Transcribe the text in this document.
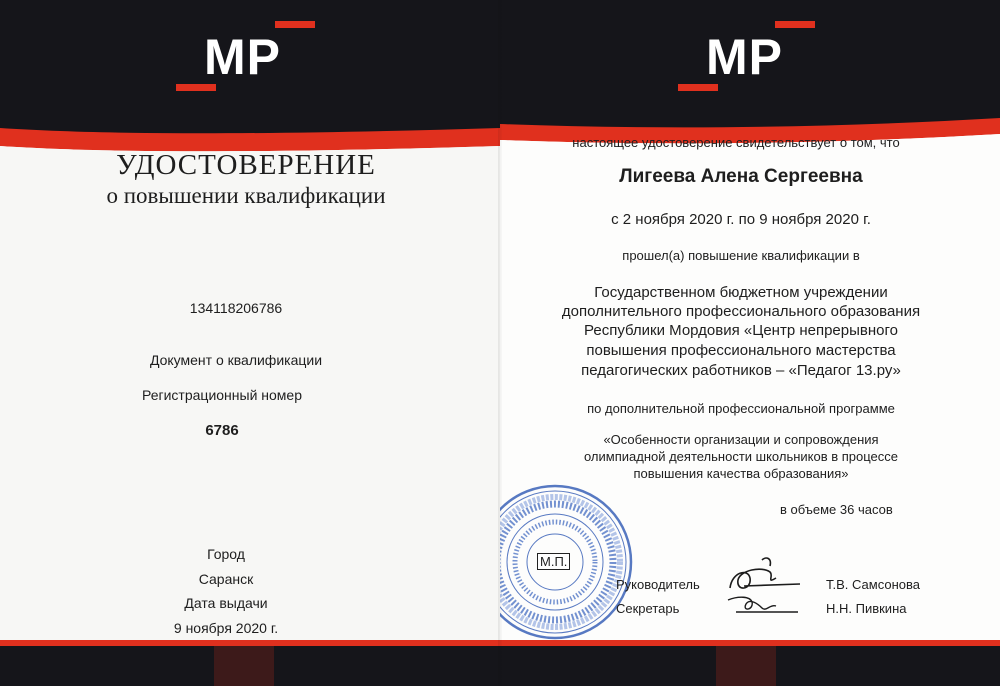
MP
УДОСТОВЕРЕНИЕ
о повышении квалификации
134118206786
Документ о квалификации
Регистрационный номер
6786
Город
Саранск
Дата выдачи
9 ноября 2020 г.
MP
настоящее удостоверение свидетельствует о том, что
Лигеева Алена Сергеевна
с 2 ноября 2020 г. по 9 ноября 2020 г.
прошел(а) повышение квалификации в
Государственном бюджетном учреждении
дополнительного профессионального образования
Республики Мордовия «Центр непрерывного
повышения профессионального мастерства
педагогических работников – «Педагог 13.ру»
по дополнительной профессиональной программе
«Особенности организации и сопровождения
олимпиадной деятельности школьников в процессе
повышения качества образования»
в объеме 36 часов
М.П.
Руководитель	Т.В. Самсонова
Секретарь	Н.Н. Пивкина
